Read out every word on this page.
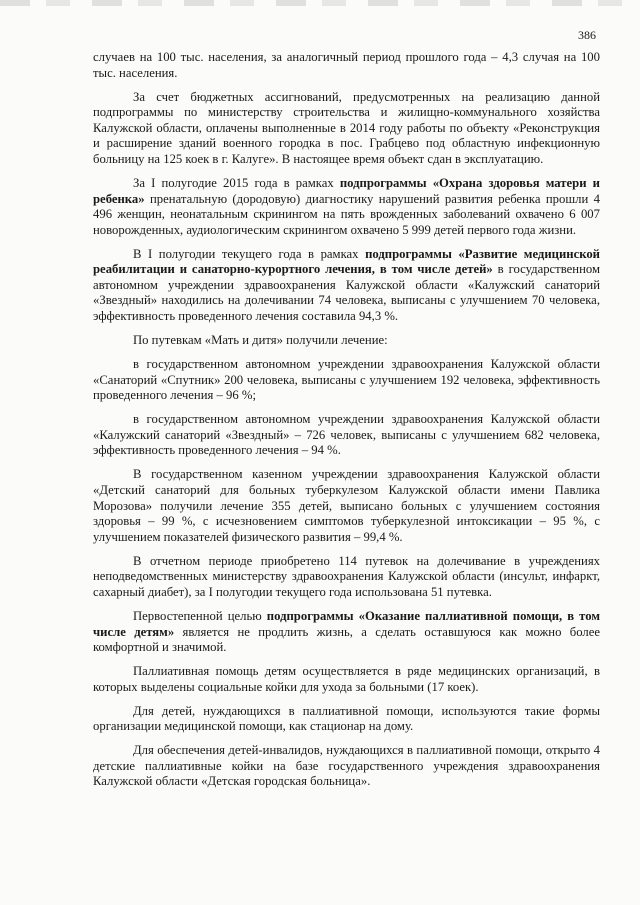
386

случаев на 100 тыс. населения, за аналогичный период прошлого года – 4,3 случая на 100 тыс. населения.

За счет бюджетных ассигнований, предусмотренных на реализацию данной подпрограммы по министерству строительства и жилищно-коммунального хозяйства Калужской области, оплачены выполненные в 2014 году работы по объекту «Реконструкция и расширение зданий военного городка в пос. Грабцево под областную инфекционную больницу на 125 коек в г. Калуге». В настоящее время объект сдан в эксплуатацию.

За I полугодие 2015 года в рамках подпрограммы «Охрана здоровья матери и ребенка» пренатальную (дородовую) диагностику нарушений развития ребенка прошли 4 496 женщин, неонатальным скринингом на пять врожденных заболеваний охвачено 6 007 новорожденных, аудиологическим скринингом охвачено 5 999 детей первого года жизни.

В I полугодии текущего года в рамках подпрограммы «Развитие медицинской реабилитации и санаторно-курортного лечения, в том числе детей» в государственном автономном учреждении здравоохранения Калужской области «Калужский санаторий «Звездный» находились на долечивании 74 человека, выписаны с улучшением 70 человека, эффективность проведенного лечения составила 94,3 %.

По путевкам «Мать и дитя» получили лечение:

в государственном автономном учреждении здравоохранения Калужской области «Санаторий «Спутник» 200 человека, выписаны с улучшением 192 человека, эффективность проведенного лечения – 96 %;

в государственном автономном учреждении здравоохранения Калужской области «Калужский санаторий «Звездный» – 726 человек, выписаны с улучшением 682 человека, эффективность проведенного лечения – 94 %.

В государственном казенном учреждении здравоохранения Калужской области «Детский санаторий для больных туберкулезом Калужской области имени Павлика Морозова» получили лечение 355 детей, выписано больных с улучшением состояния здоровья – 99 %, с исчезновением симптомов туберкулезной интоксикации – 95 %, с улучшением показателей физического развития – 99,4 %.

В отчетном периоде приобретено 114 путевок на долечивание в учреждениях неподведомственных министерству здравоохранения Калужской области (инсульт, инфаркт, сахарный диабет), за I полугодии текущего года использована 51 путевка.

Первостепенной целью подпрограммы «Оказание паллиативной помощи, в том числе детям» является не продлить жизнь, а сделать оставшуюся как можно более комфортной и значимой.

Паллиативная помощь детям осуществляется в ряде медицинских организаций, в которых выделены социальные койки для ухода за больными (17 коек).

Для детей, нуждающихся в паллиативной помощи, используются такие формы организации медицинской помощи, как стационар на дому.

Для обеспечения детей-инвалидов, нуждающихся в паллиативной помощи, открыто 4 детские паллиативные койки на базе государственного учреждения здравоохранения Калужской области «Детская городская больница».
